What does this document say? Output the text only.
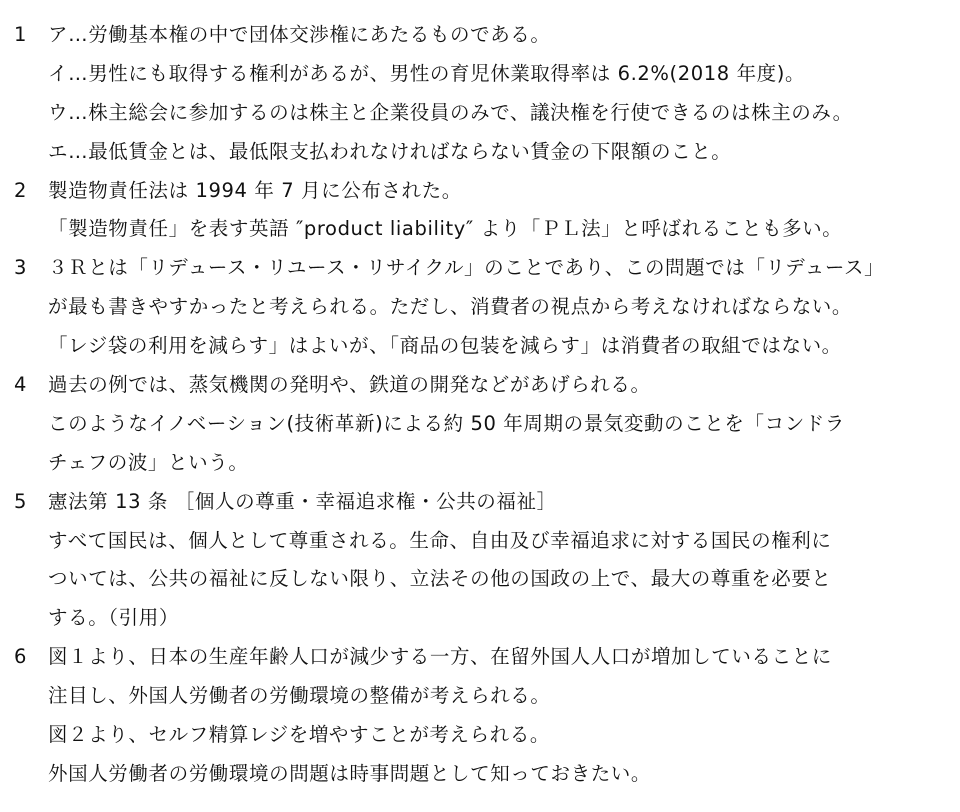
1	ア…労働基本権の中で団体交渉権にあたるものである。
イ…男性にも取得する権利があるが、男性の育児休業取得率は 6.2%(2018 年度)。
ウ…株主総会に参加するのは株主と企業役員のみで、議決権を行使できるのは株主のみ。
エ…最低賃金とは、最低限支払われなければならない賃金の下限額のこと。
2	製造物責任法は 1994 年 7 月に公布された。
「製造物責任」を表す英語 ″product liability″ より「ＰＬ法」と呼ばれることも多い。
3	３Ｒとは「リデュース・リユース・リサイクル」のことであり、この問題では「リデュース」
が最も書きやすかったと考えられる。ただし、消費者の視点から考えなければならない。
「レジ袋の利用を減らす」はよいが、「商品の包装を減らす」は消費者の取組ではない。
4	過去の例では、蒸気機関の発明や、鉄道の開発などがあげられる。
このようなイノベーション(技術革新)による約 50 年周期の景気変動のことを「コンドラ
チェフの波」という。
5	憲法第 13 条 ［個人の尊重・幸福追求権・公共の福祉］
すべて国民は、個人として尊重される。生命、自由及び幸福追求に対する国民の権利に
ついては、公共の福祉に反しない限り、立法その他の国政の上で、最大の尊重を必要と
する。（引用）
6	図１より、日本の生産年齢人口が減少する一方、在留外国人人口が増加していることに
注目し、外国人労働者の労働環境の整備が考えられる。
図２より、セルフ精算レジを増やすことが考えられる。
外国人労働者の労働環境の問題は時事問題として知っておきたい。
